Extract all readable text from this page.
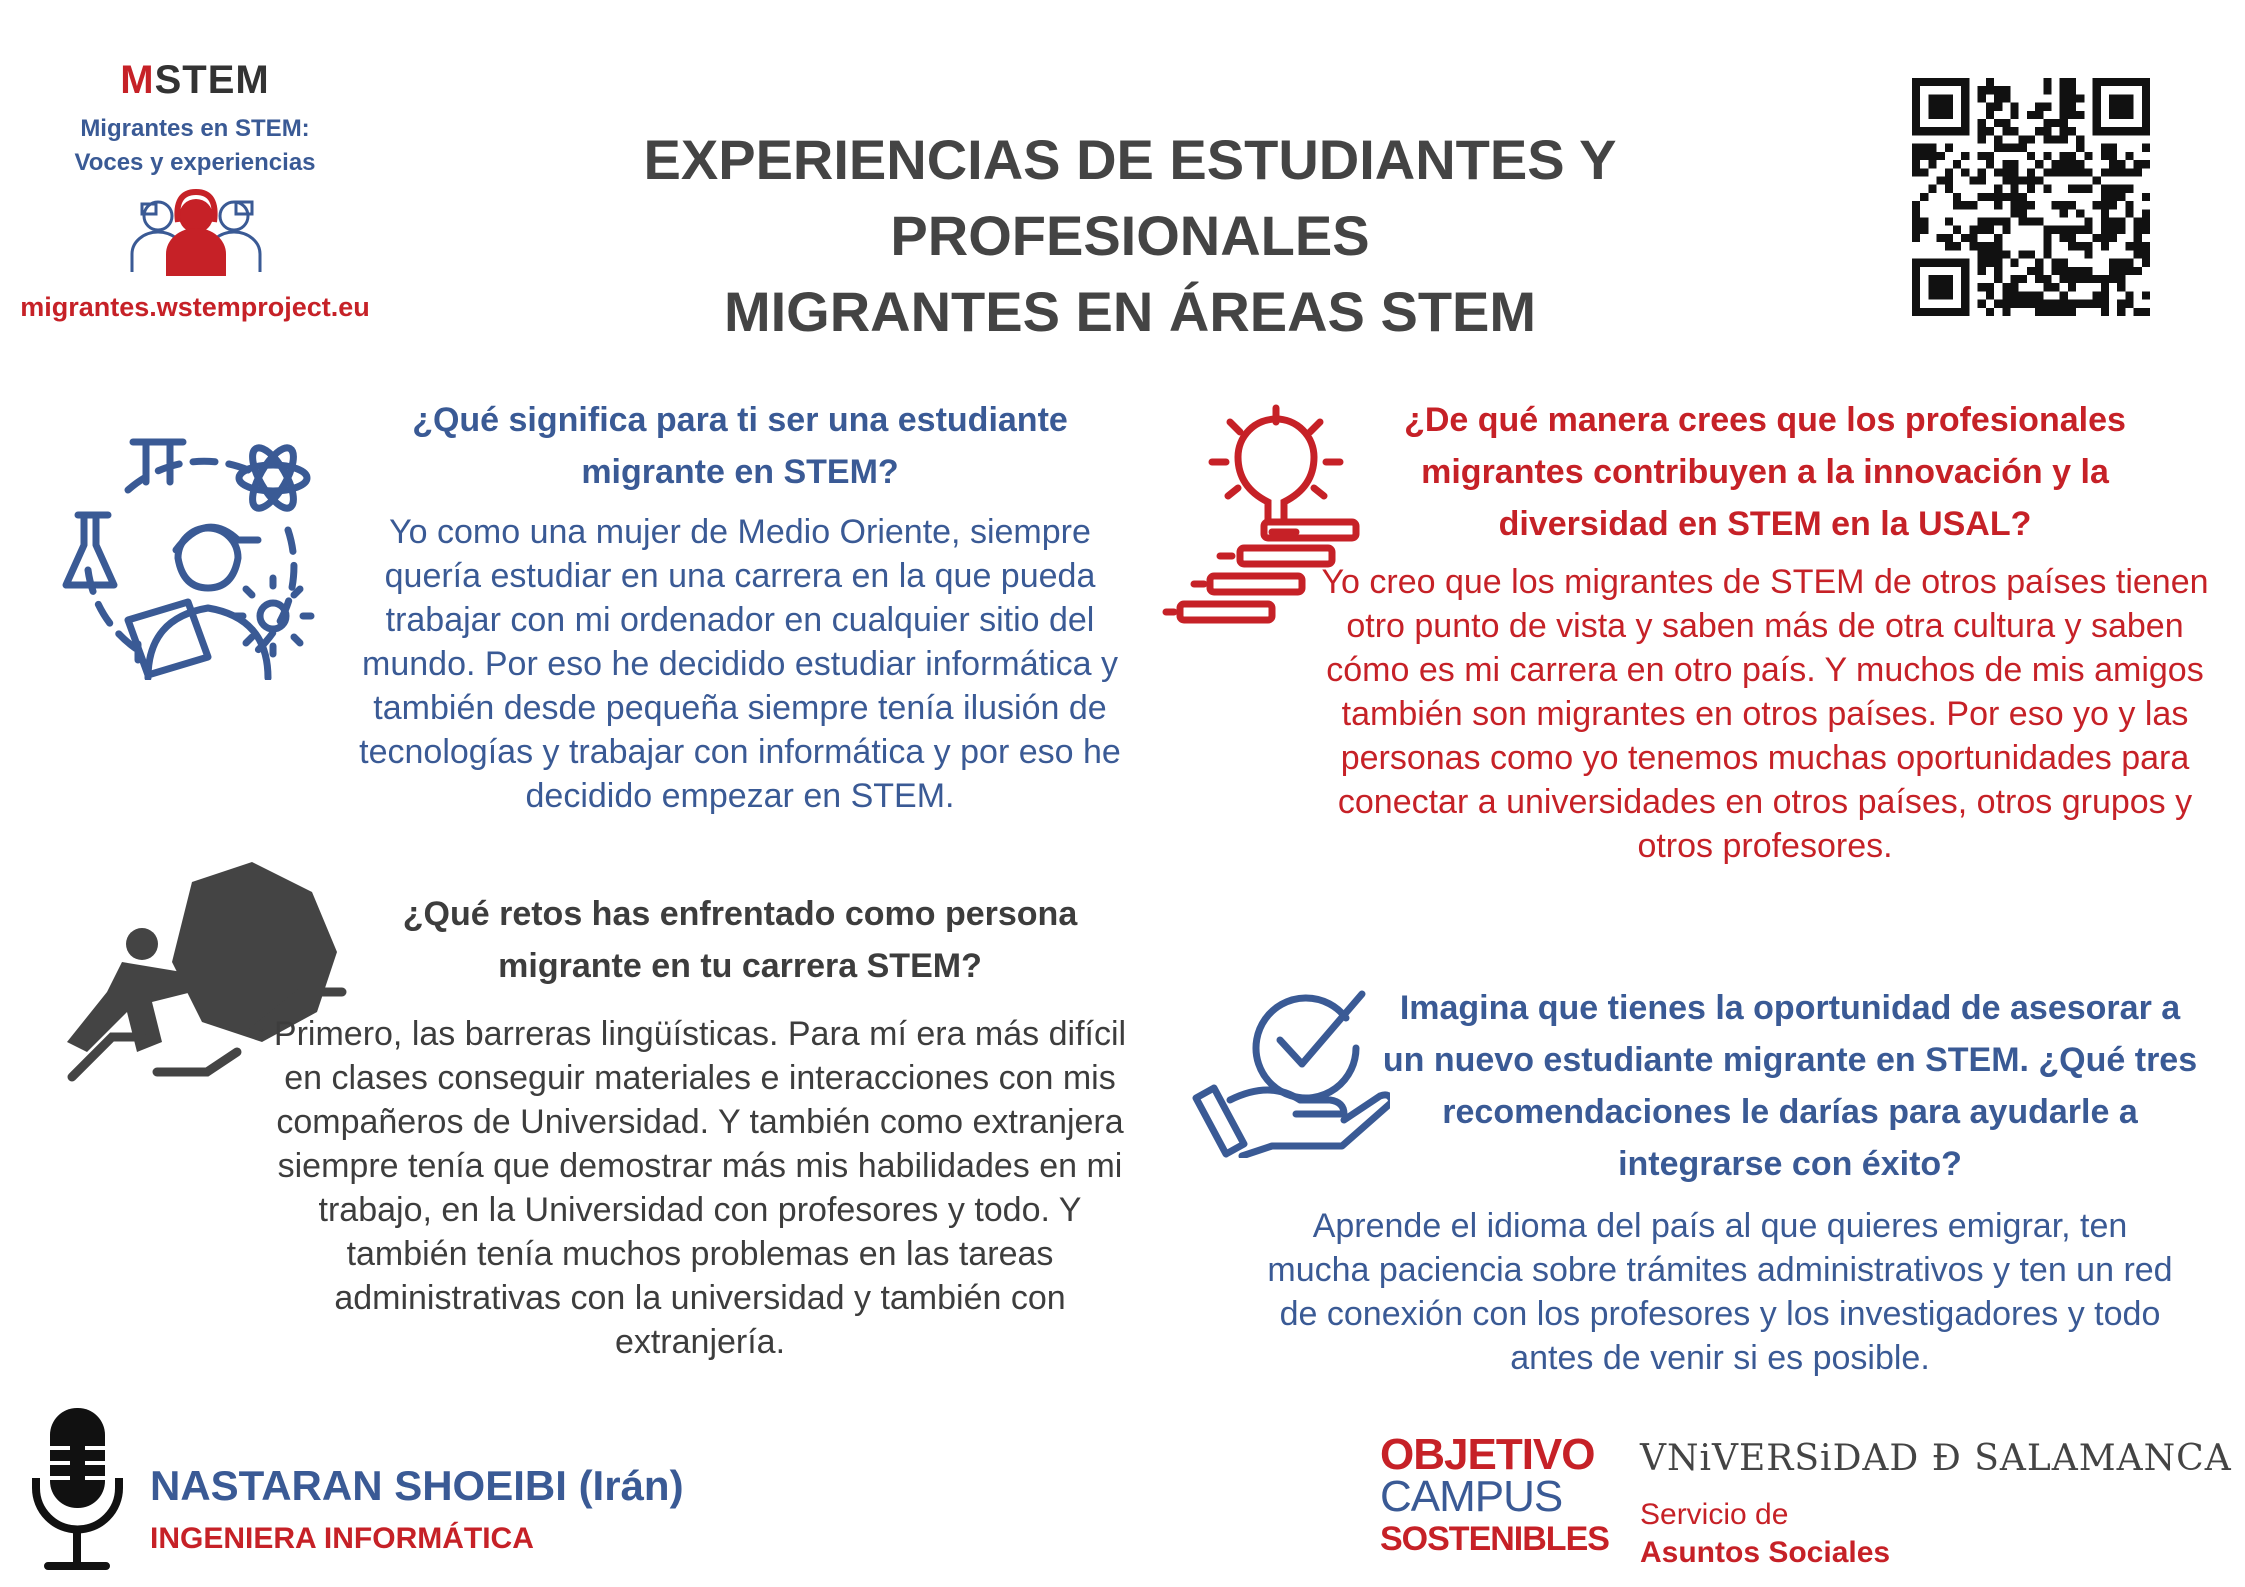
MSTEM
Migrantes en STEM:
Voces y experiencias
migrantes.wstemproject.eu
EXPERIENCIAS DE ESTUDIANTES Y PROFESIONALES
MIGRANTES EN ÁREAS STEM
¿Qué significa para ti ser una estudiante migrante en STEM?
Yo como una mujer de Medio Oriente, siempre quería estudiar en una carrera en la que pueda trabajar con mi ordenador en cualquier sitio del mundo. Por eso he decidido estudiar informática y también desde pequeña siempre tenía ilusión de tecnologías y trabajar con informática y por eso he decidido empezar en STEM.
¿Qué retos has enfrentado como persona migrante en tu carrera STEM?
Primero, las barreras lingüísticas. Para mí era más difícil en clases conseguir materiales e interacciones con mis compañeros de Universidad. Y también como extranjera siempre tenía que demostrar más mis habilidades en mi trabajo, en la Universidad con profesores y todo. Y también tenía muchos problemas en las tareas administrativas con la universidad y también con extranjería.
¿De qué manera crees que los profesionales migrantes contribuyen a la innovación y la diversidad en STEM en la USAL?
Yo creo que los migrantes de STEM de otros países tienen otro punto de vista y saben más de otra cultura y saben cómo es mi carrera en otro país. Y muchos de mis amigos también son migrantes en otros países. Por eso yo y las personas como yo tenemos muchas oportunidades para conectar a universidades en otros países, otros grupos y otros profesores.
Imagina que tienes la oportunidad de asesorar a un nuevo estudiante migrante en STEM. ¿Qué tres recomendaciones le darías para ayudarle a integrarse con éxito?
Aprende el idioma del país al que quieres emigrar, ten mucha paciencia sobre trámites administrativos y ten un red de conexión con los profesores y los investigadores y todo antes de venir si es posible.
NASTARAN SHOEIBI (Irán)
INGENIERA INFORMÁTICA
OBJETIVO
CAMPUS
SOSTENIBLES
VNiVERSiDAD Ð SALAMANCA
Servicio de
Asuntos Sociales
